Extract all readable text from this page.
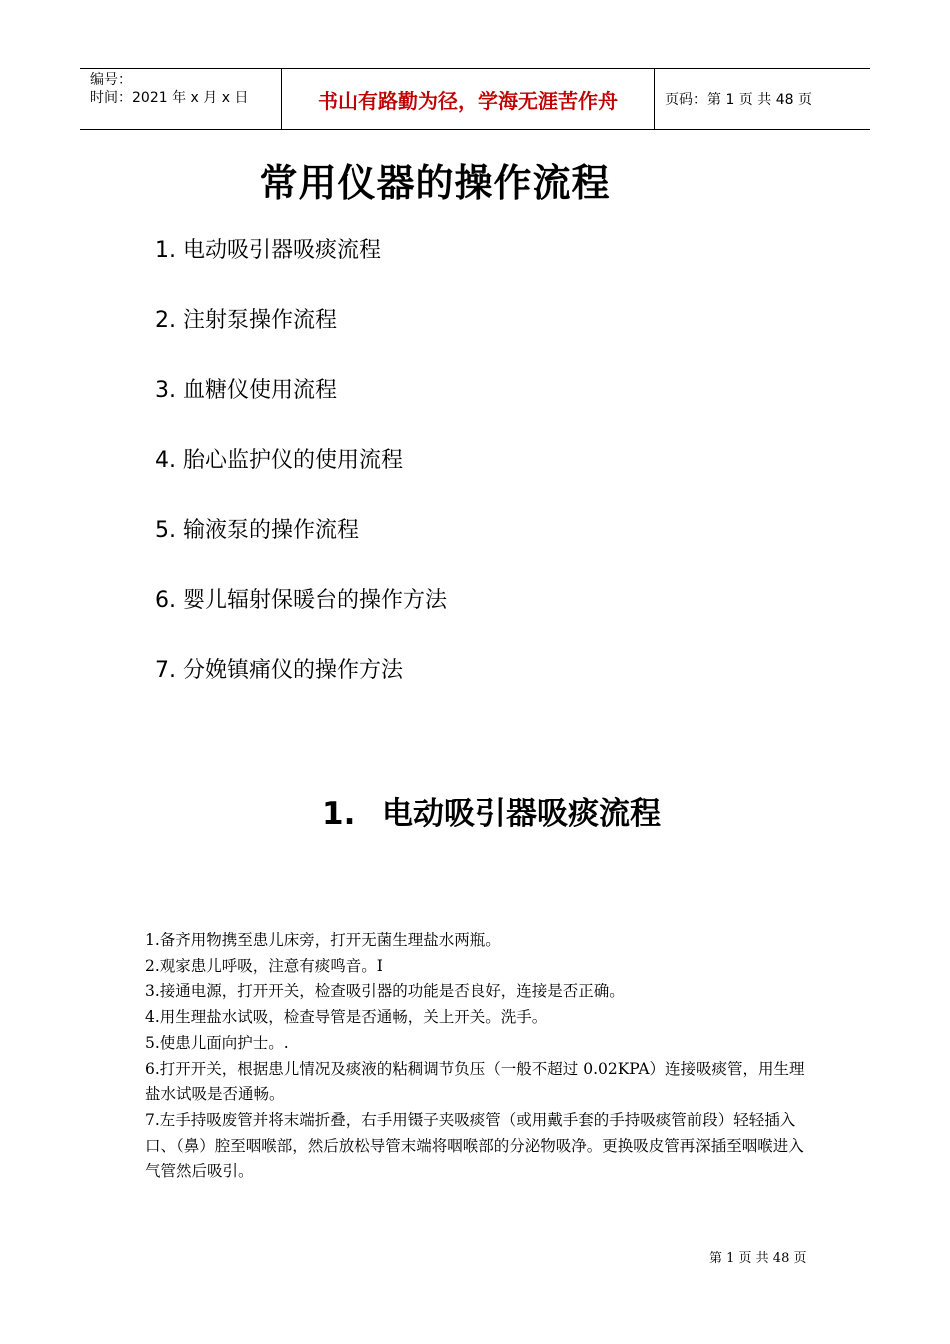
编号：
时间：2021 年 x 月 x 日	书山有路勤为径，学海无涯苦作舟	页码：第 1 页 共 48 页
常用仪器的操作流程
1. 电动吸引器吸痰流程
2. 注射泵操作流程
3. 血糖仪使用流程
4. 胎心监护仪的使用流程
5. 输液泵的操作流程
6. 婴儿辐射保暖台的操作方法
7. 分娩镇痛仪的操作方法
1. 电动吸引器吸痰流程

1.备齐用物携至患儿床旁，打开无菌生理盐水两瓶。

2.观家患儿呼吸，注意有痰鸣音。I

3.接通电源，打开开关，检查吸引器的功能是否良好，连接是否正确。

4.用生理盐水试吸，检查导管是否通畅，关上开关。洗手。

5.使患儿面向护士。.

6.打开开关，根据患儿情况及痰液的粘稠调节负压（一般不超过 0.02KPA）连接吸痰管，用生理盐水试吸是否通畅。

7.左手持吸废管并将末端折叠，右手用镊子夹吸痰管（或用戴手套的手持吸痰管前段）轻轻插入口、（鼻）腔至咽喉部，然后放松导管末端将咽喉部的分泌物吸净。更换吸皮管再深插至咽喉进入气管然后吸引。

第 1 页 共 48 页
